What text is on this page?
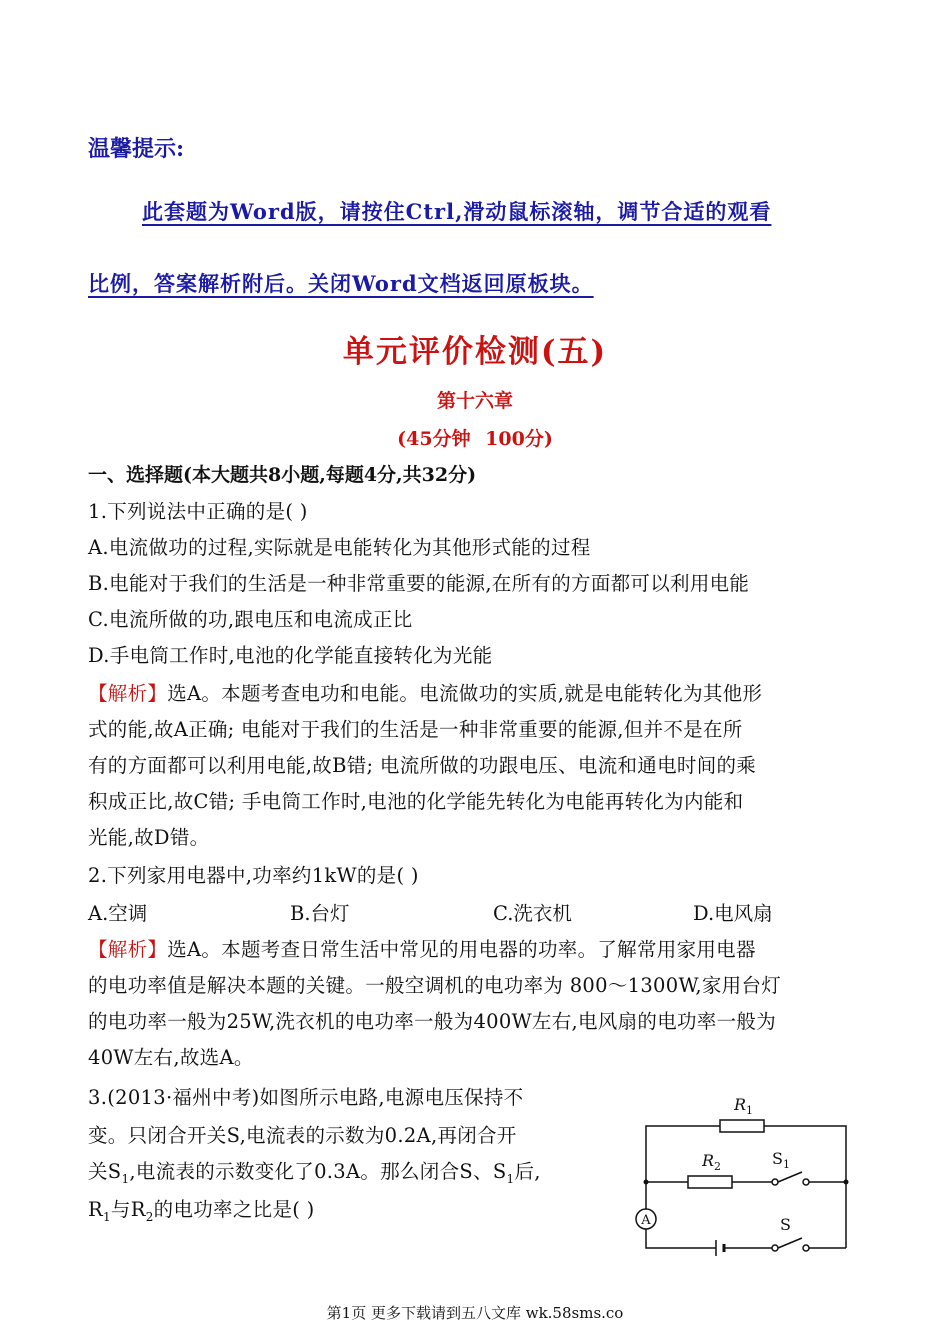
温馨提示:
此套题为Word版，请按住Ctrl,滑动鼠标滚轴，调节合适的观看
比例，答案解析附后。关闭Word文档返回原板块。
单元评价检测(五)
第十六章
(45分钟 100分)
一、选择题(本大题共8小题,每题4分,共32分)
1.下列说法中正确的是( )
A.电流做功的过程,实际就是电能转化为其他形式能的过程
B.电能对于我们的生活是一种非常重要的能源,在所有的方面都可以利用电能
C.电流所做的功,跟电压和电流成正比
D.手电筒工作时,电池的化学能直接转化为光能
【解析】选A。本题考查电功和电能。电流做功的实质,就是电能转化为其他形
式的能,故A正确; 电能对于我们的生活是一种非常重要的能源,但并不是在所
有的方面都可以利用电能,故B错; 电流所做的功跟电压、电流和通电时间的乘
积成正比,故C错; 手电筒工作时,电池的化学能先转化为电能再转化为内能和
光能,故D错。
2.下列家用电器中,功率约1kW的是( )
A.空调	B.台灯	C.洗衣机	D.电风扇
【解析】选A。本题考查日常生活中常见的用电器的功率。了解常用家用电器
的电功率值是解决本题的关键。一般空调机的电功率为 800～1300W,家用台灯
的电功率一般为25W,洗衣机的电功率一般为400W左右,电风扇的电功率一般为
40W左右,故选A。
3.(2013·福州中考)如图所示电路,电源电压保持不
变。只闭合开关S,电流表的示数为0.2A,再闭合开
关$S_1$,电流表的示数变化了0.3A。那么闭合S、$S_1$后,
$R_1$与$R_2$的电功率之比是( )	A
$R_1$
$R_2$	$S_1$
S
第1页 更多下载请到五八文库 wk.58sms.co
